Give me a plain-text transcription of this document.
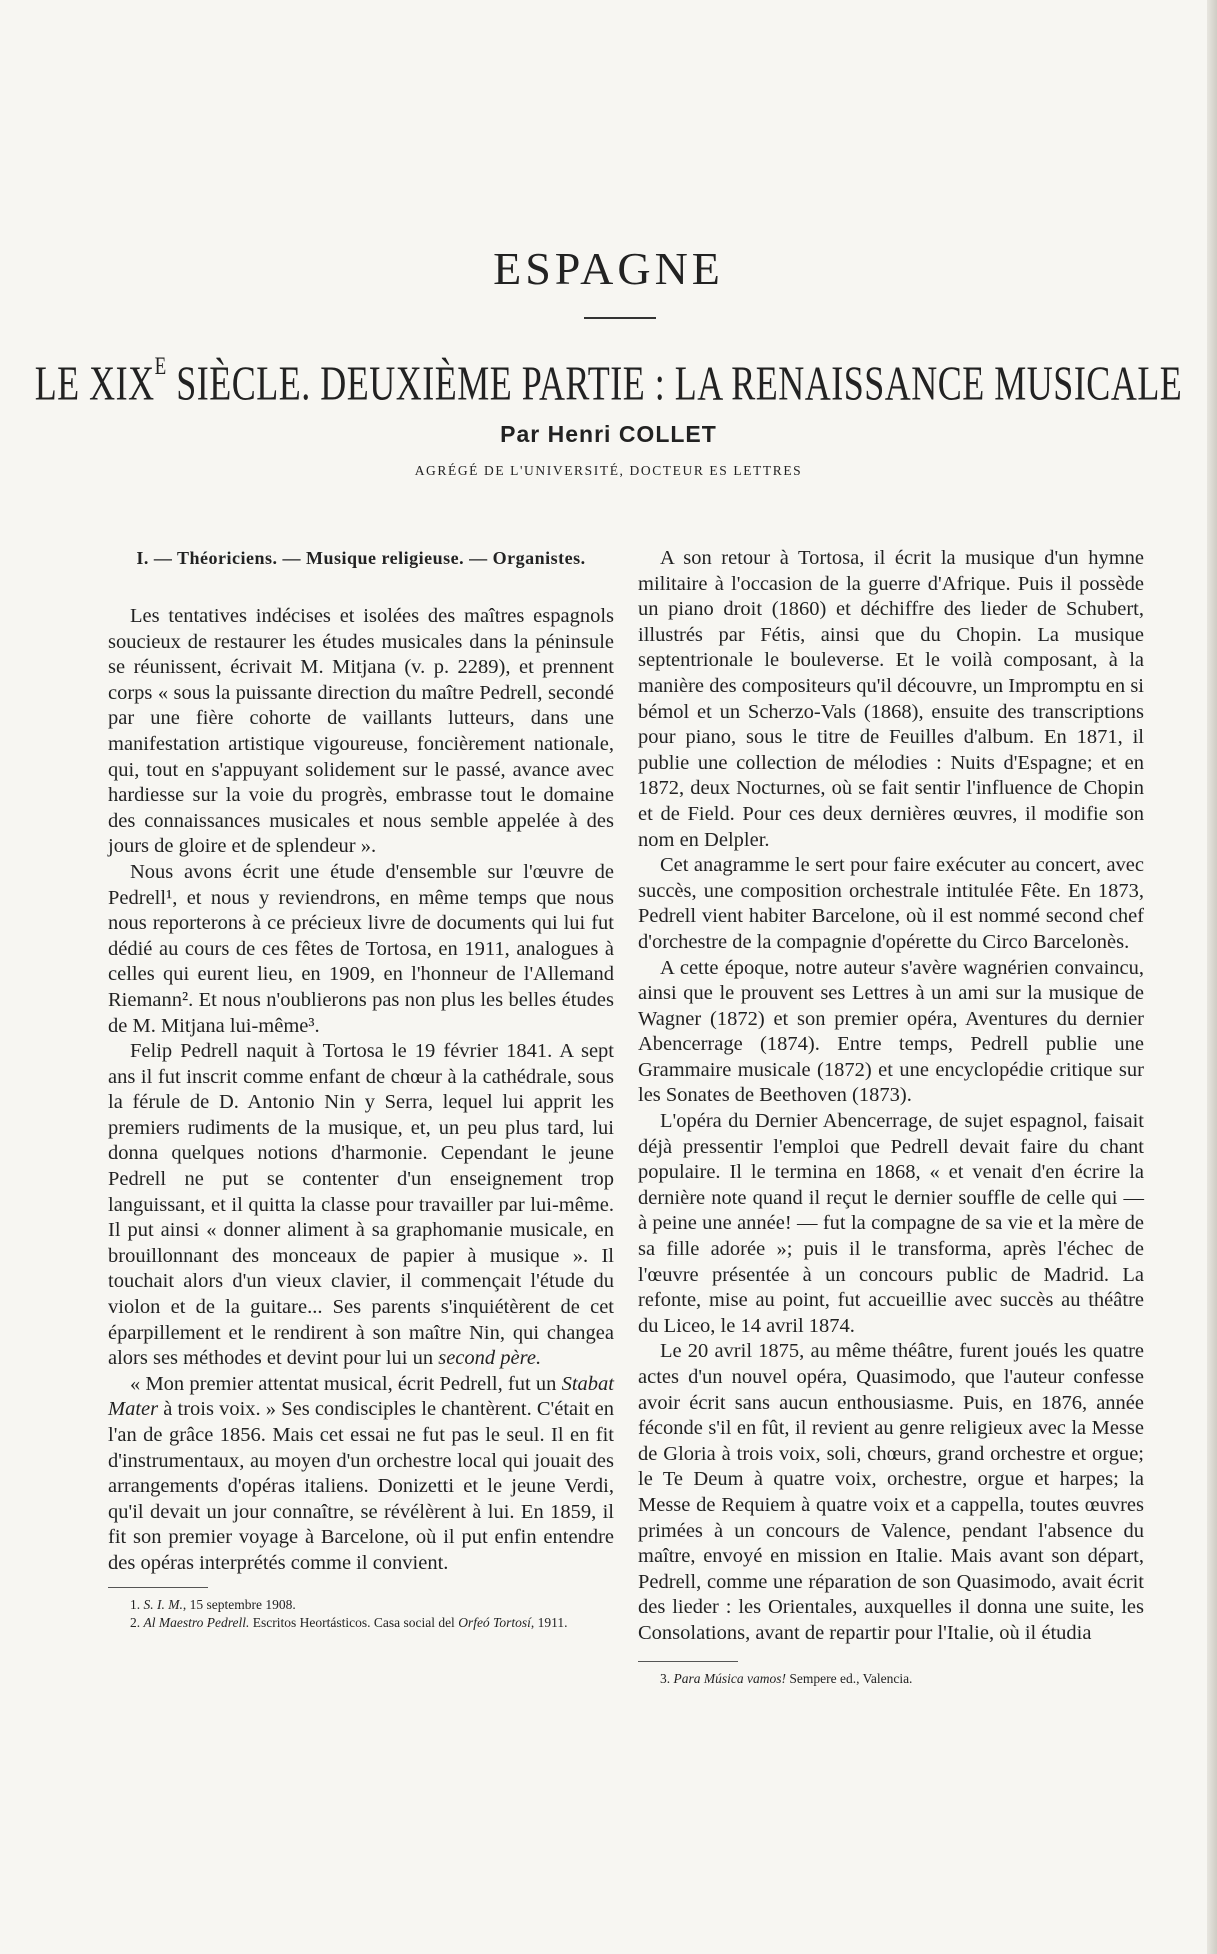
ESPAGNE
LE $XIX^E$ SIÈCLE. DEUXIÈME PARTIE : LA RENAISSANCE MUSICALE
Par Henri COLLET
AGRÉGÉ DE L'UNIVERSITÉ, DOCTEUR ES LETTRES

I. — Théoriciens. — Musique religieuse. — Organistes.

Les tentatives indécises et isolées des maîtres espagnols soucieux de restaurer les études musicales dans la péninsule se réunissent, écrivait M. Mitjana (v. p. 2289), et prennent corps « sous la puissante direction du maître Pedrell, secondé par une fière cohorte de vaillants lutteurs, dans une manifestation artistique vigoureuse, foncièrement nationale, qui, tout en s'appuyant solidement sur le passé, avance avec hardiesse sur la voie du progrès, embrasse tout le domaine des connaissances musicales et nous semble appelée à des jours de gloire et de splendeur ».

Nous avons écrit une étude d'ensemble sur l'œuvre de Pedrell¹, et nous y reviendrons, en même temps que nous nous reporterons à ce précieux livre de documents qui lui fut dédié au cours de ces fêtes de Tortosa, en 1911, analogues à celles qui eurent lieu, en 1909, en l'honneur de l'Allemand Riemann². Et nous n'oublierons pas non plus les belles études de M. Mitjana lui-même³.

Felip Pedrell naquit à Tortosa le 19 février 1841. A sept ans il fut inscrit comme enfant de chœur à la cathédrale, sous la férule de D. Antonio Nin y Serra, lequel lui apprit les premiers rudiments de la musique, et, un peu plus tard, lui donna quelques notions d'harmonie. Cependant le jeune Pedrell ne put se contenter d'un enseignement trop languissant, et il quitta la classe pour travailler par lui-même. Il put ainsi « donner aliment à sa graphomanie musicale, en brouillonnant des monceaux de papier à musique ». Il touchait alors d'un vieux clavier, il commençait l'étude du violon et de la guitare... Ses parents s'inquiétèrent de cet éparpillement et le rendirent à son maître Nin, qui changea alors ses méthodes et devint pour lui un second père.

« Mon premier attentat musical, écrit Pedrell, fut un Stabat Mater à trois voix. » Ses condisciples le chantèrent. C'était en l'an de grâce 1856. Mais cet essai ne fut pas le seul. Il en fit d'instrumentaux, au moyen d'un orchestre local qui jouait des arrangements d'opéras italiens. Donizetti et le jeune Verdi, qu'il devait un jour connaître, se révélèrent à lui. En 1859, il fit son premier voyage à Barcelone, où il put enfin entendre des opéras interprétés comme il convient.

1. S. I. M., 15 septembre 1908.

2. Al Maestro Pedrell. Escritos Heortásticos. Casa social del Orfeó Tortosí, 1911.

A son retour à Tortosa, il écrit la musique d'un hymne militaire à l'occasion de la guerre d'Afrique. Puis il possède un piano droit (1860) et déchiffre des lieder de Schubert, illustrés par Fétis, ainsi que du Chopin. La musique septentrionale le bouleverse. Et le voilà composant, à la manière des compositeurs qu'il découvre, un Impromptu en si bémol et un Scherzo-Vals (1868), ensuite des transcriptions pour piano, sous le titre de Feuilles d'album. En 1871, il publie une collection de mélodies : Nuits d'Espagne; et en 1872, deux Nocturnes, où se fait sentir l'influence de Chopin et de Field. Pour ces deux dernières œuvres, il modifie son nom en Delpler.

Cet anagramme le sert pour faire exécuter au concert, avec succès, une composition orchestrale intitulée Fête. En 1873, Pedrell vient habiter Barcelone, où il est nommé second chef d'orchestre de la compagnie d'opérette du Circo Barcelonès.

A cette époque, notre auteur s'avère wagnérien convaincu, ainsi que le prouvent ses Lettres à un ami sur la musique de Wagner (1872) et son premier opéra, Aventures du dernier Abencerrage (1874). Entre temps, Pedrell publie une Grammaire musicale (1872) et une encyclopédie critique sur les Sonates de Beethoven (1873).

L'opéra du Dernier Abencerrage, de sujet espagnol, faisait déjà pressentir l'emploi que Pedrell devait faire du chant populaire. Il le termina en 1868, « et venait d'en écrire la dernière note quand il reçut le dernier souffle de celle qui — à peine une année! — fut la compagne de sa vie et la mère de sa fille adorée »; puis il le transforma, après l'échec de l'œuvre présentée à un concours public de Madrid. La refonte, mise au point, fut accueillie avec succès au théâtre du Liceo, le 14 avril 1874.

Le 20 avril 1875, au même théâtre, furent joués les quatre actes d'un nouvel opéra, Quasimodo, que l'auteur confesse avoir écrit sans aucun enthousiasme. Puis, en 1876, année féconde s'il en fût, il revient au genre religieux avec la Messe de Gloria à trois voix, soli, chœurs, grand orchestre et orgue; le Te Deum à quatre voix, orchestre, orgue et harpes; la Messe de Requiem à quatre voix et a cappella, toutes œuvres primées à un concours de Valence, pendant l'absence du maître, envoyé en mission en Italie. Mais avant son départ, Pedrell, comme une réparation de son Quasimodo, avait écrit des lieder : les Orientales, auxquelles il donna une suite, les Consolations, avant de repartir pour l'Italie, où il étudia

3. Para Música vamos! Sempere ed., Valencia.
